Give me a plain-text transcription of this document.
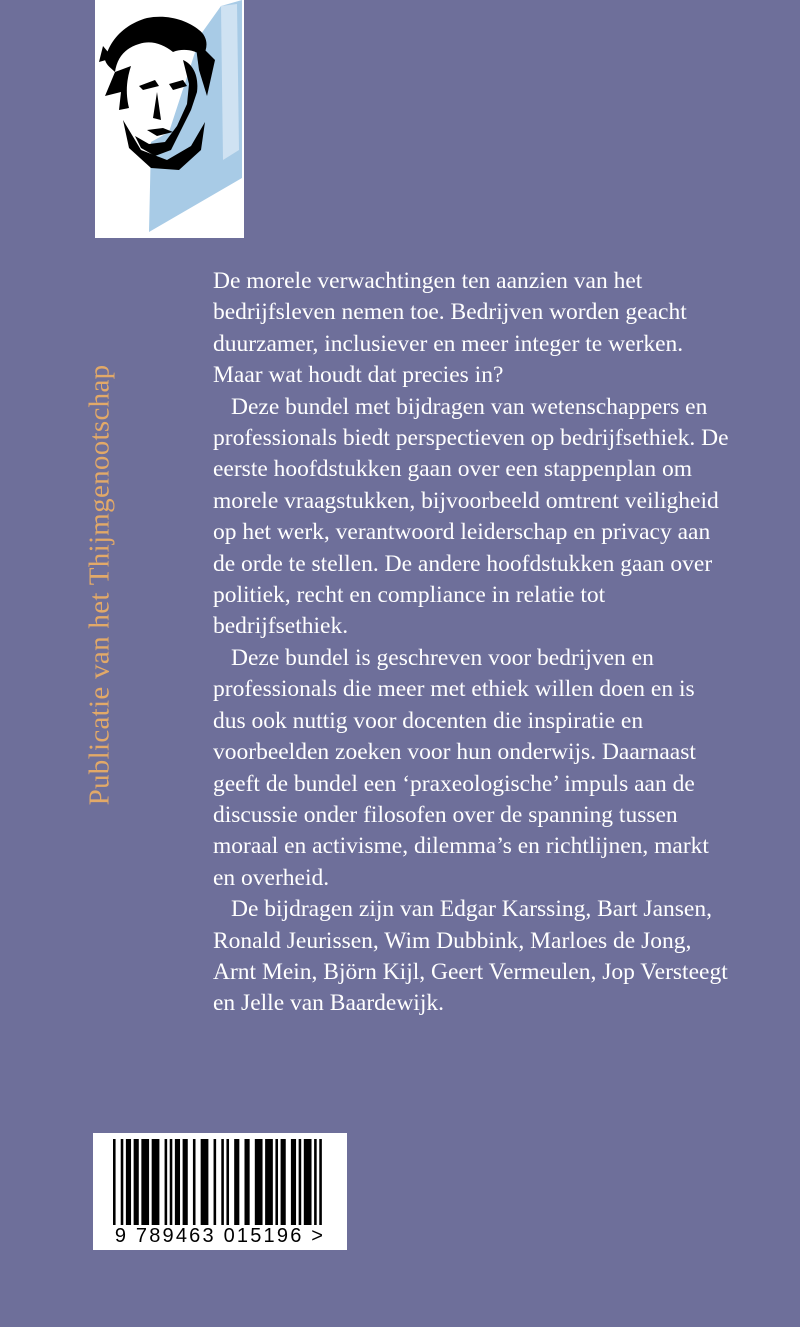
Publicatie van het Thijmgenootschap

De morele verwachtingen ten aanzien van het bedrijfsleven nemen toe. Bedrijven worden geacht duurzamer, inclusiever en meer integer te werken. Maar wat houdt dat precies in?

Deze bundel met bijdragen van wetenschappers en professionals biedt perspectieven op bedrijfsethiek. De eerste hoofdstukken gaan over een stappenplan om morele vraagstukken, bijvoorbeeld omtrent veiligheid op het werk, verantwoord leiderschap en privacy aan de orde te stellen. De andere hoofdstukken gaan over politiek, recht en compliance in relatie tot bedrijfsethiek.

Deze bundel is geschreven voor bedrijven en professionals die meer met ethiek willen doen en is dus ook nuttig voor docenten die inspiratie en voorbeelden zoeken voor hun onderwijs. Daarnaast geeft de bundel een ‘praxeologische’ impuls aan de discussie onder filosofen over de spanning tussen moraal en activisme, dilemma’s en richtlijnen, markt en overheid.

De bijdragen zijn van Edgar Karssing, Bart Jansen, Ronald Jeurissen, Wim Dubbink, Marloes de Jong, Arnt Mein, Björn Kijl, Geert Vermeulen, Jop Versteegt en Jelle van Baardewijk.

9 789463 015196 >
